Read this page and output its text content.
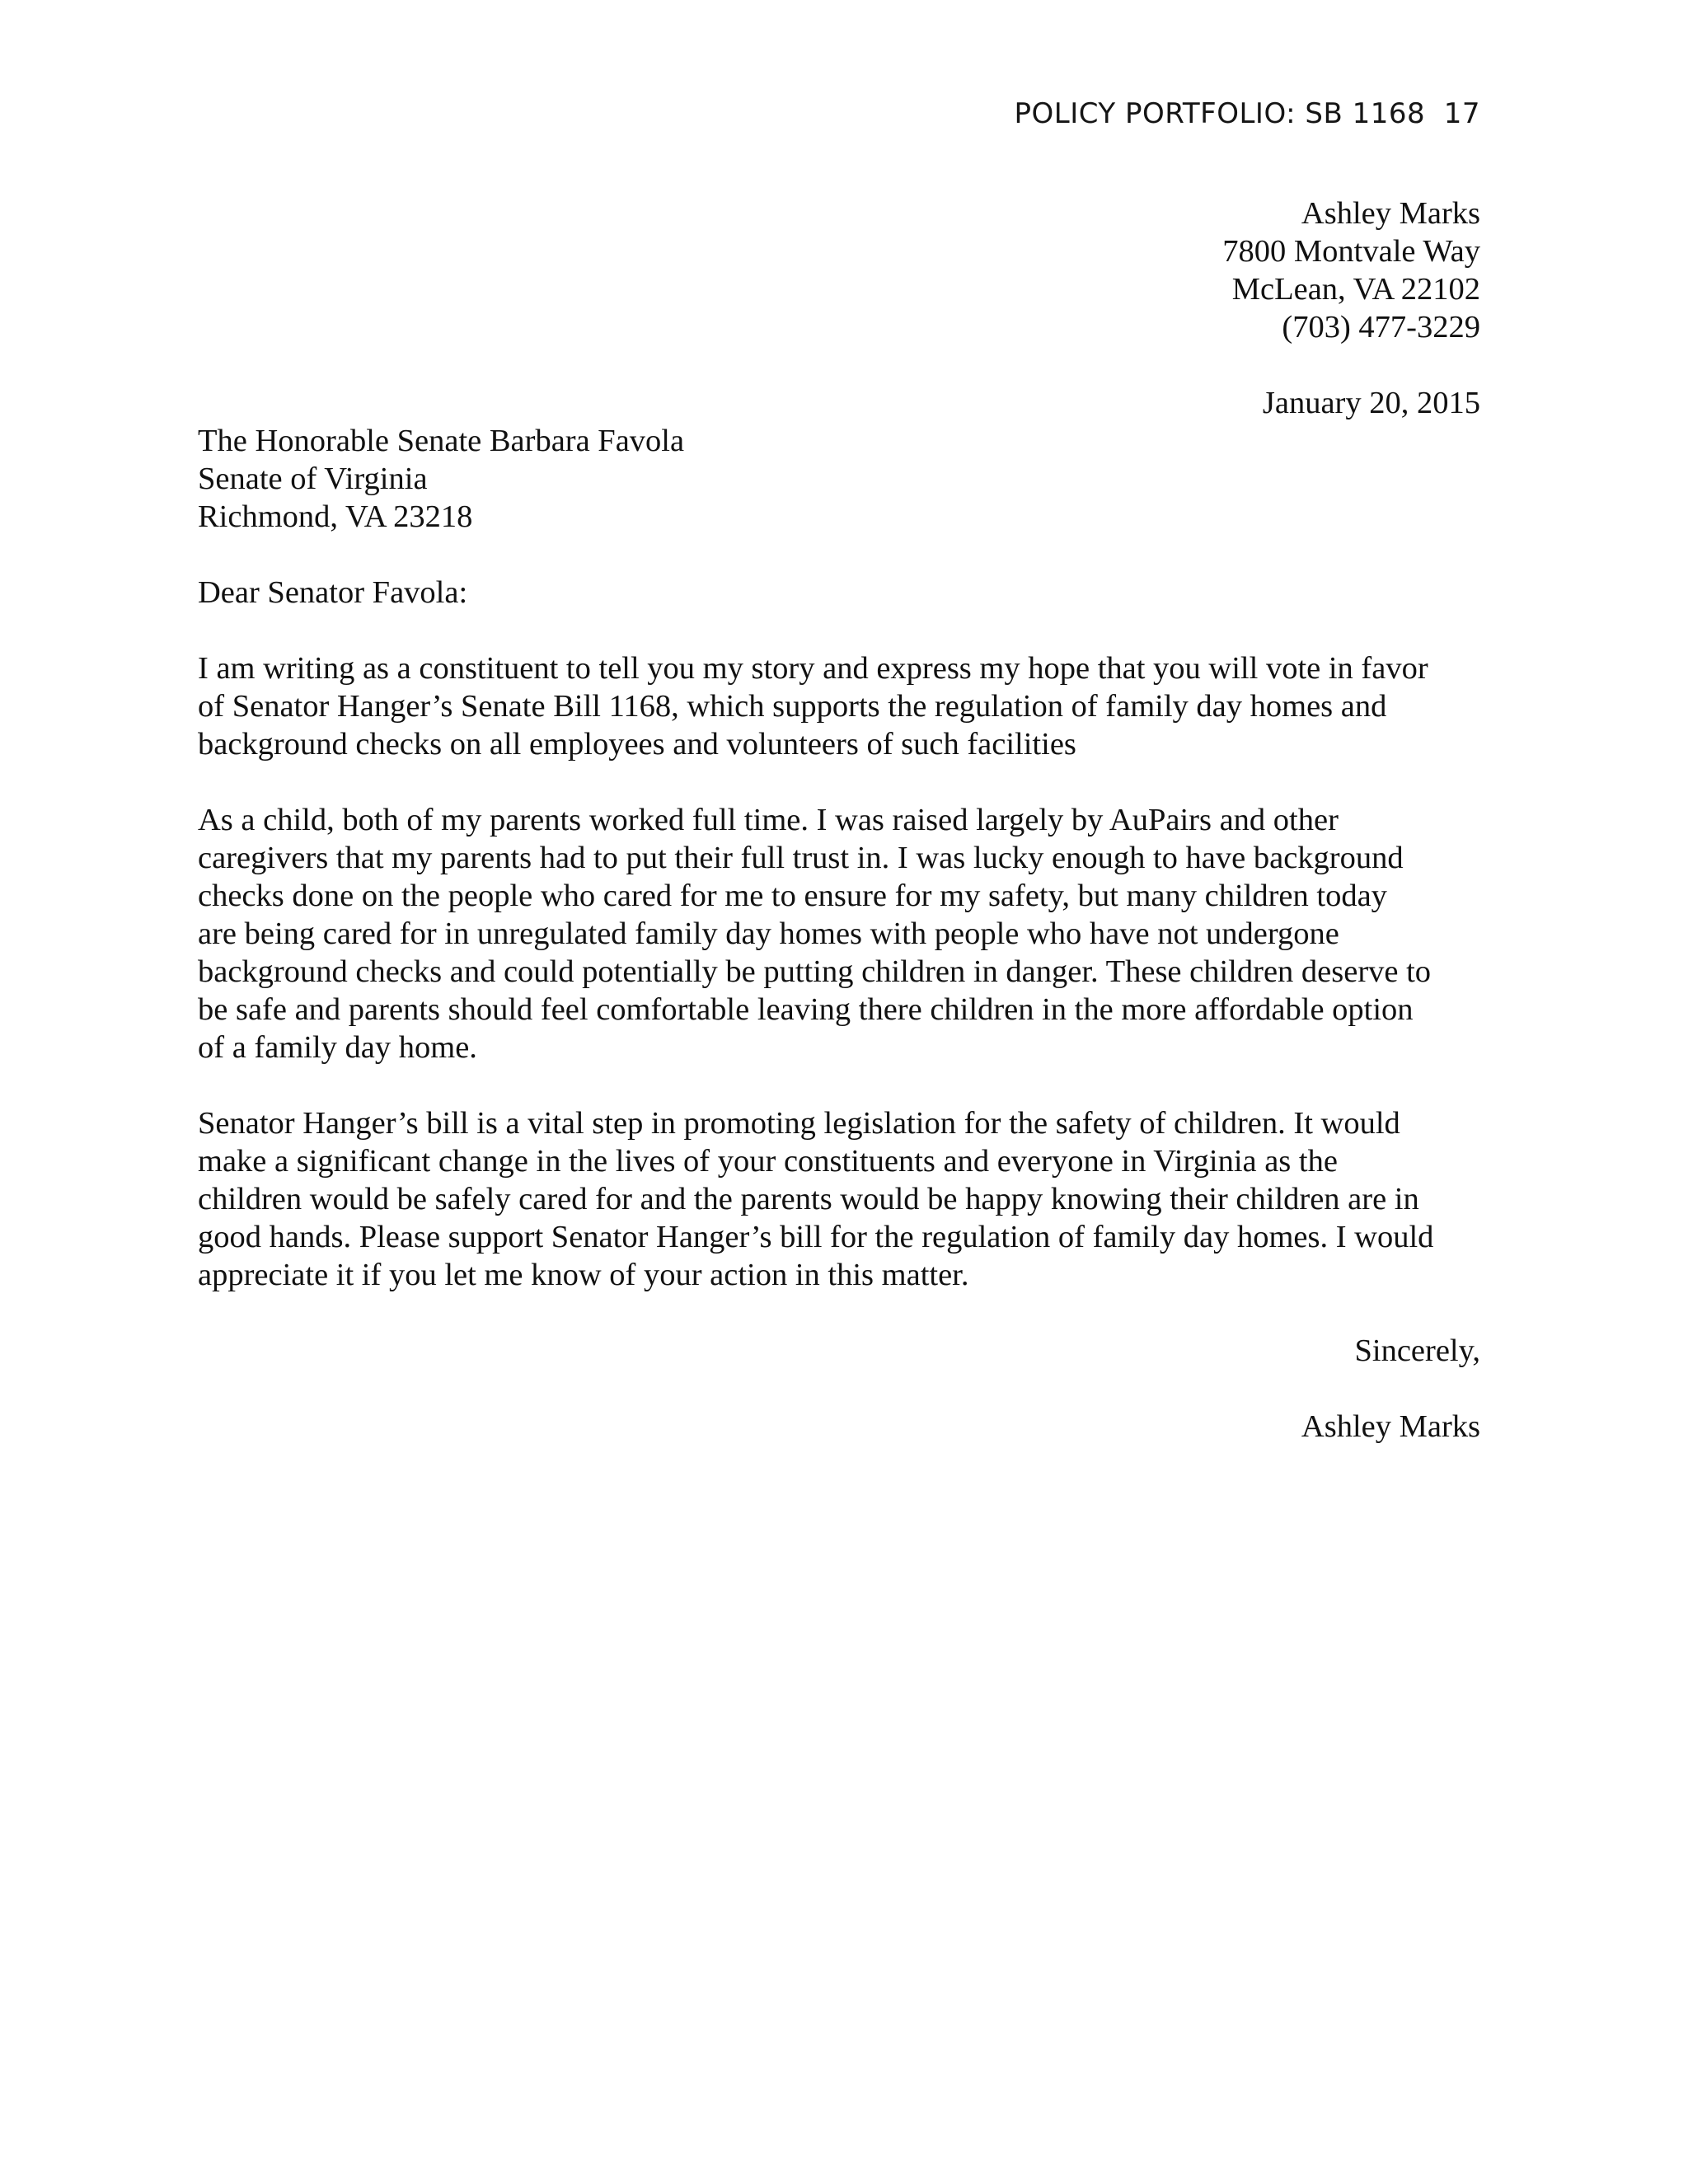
POLICY PORTFOLIO: SB 1168 17
Ashley Marks
7800 Montvale Way
McLean, VA 22102
(703) 477-3229
January 20, 2015
The Honorable Senate Barbara Favola
Senate of Virginia
Richmond, VA 23218
Dear Senator Favola:
I am writing as a constituent to tell you my story and express my hope that you will vote in favor
of Senator Hanger’s Senate Bill 1168, which supports the regulation of family day homes and
background checks on all employees and volunteers of such facilities
As a child, both of my parents worked full time. I was raised largely by AuPairs and other
caregivers that my parents had to put their full trust in. I was lucky enough to have background
checks done on the people who cared for me to ensure for my safety, but many children today
are being cared for in unregulated family day homes with people who have not undergone
background checks and could potentially be putting children in danger. These children deserve to
be safe and parents should feel comfortable leaving there children in the more affordable option
of a family day home.
Senator Hanger’s bill is a vital step in promoting legislation for the safety of children. It would
make a significant change in the lives of your constituents and everyone in Virginia as the
children would be safely cared for and the parents would be happy knowing their children are in
good hands. Please support Senator Hanger’s bill for the regulation of family day homes. I would
appreciate it if you let me know of your action in this matter.
Sincerely,
Ashley Marks
